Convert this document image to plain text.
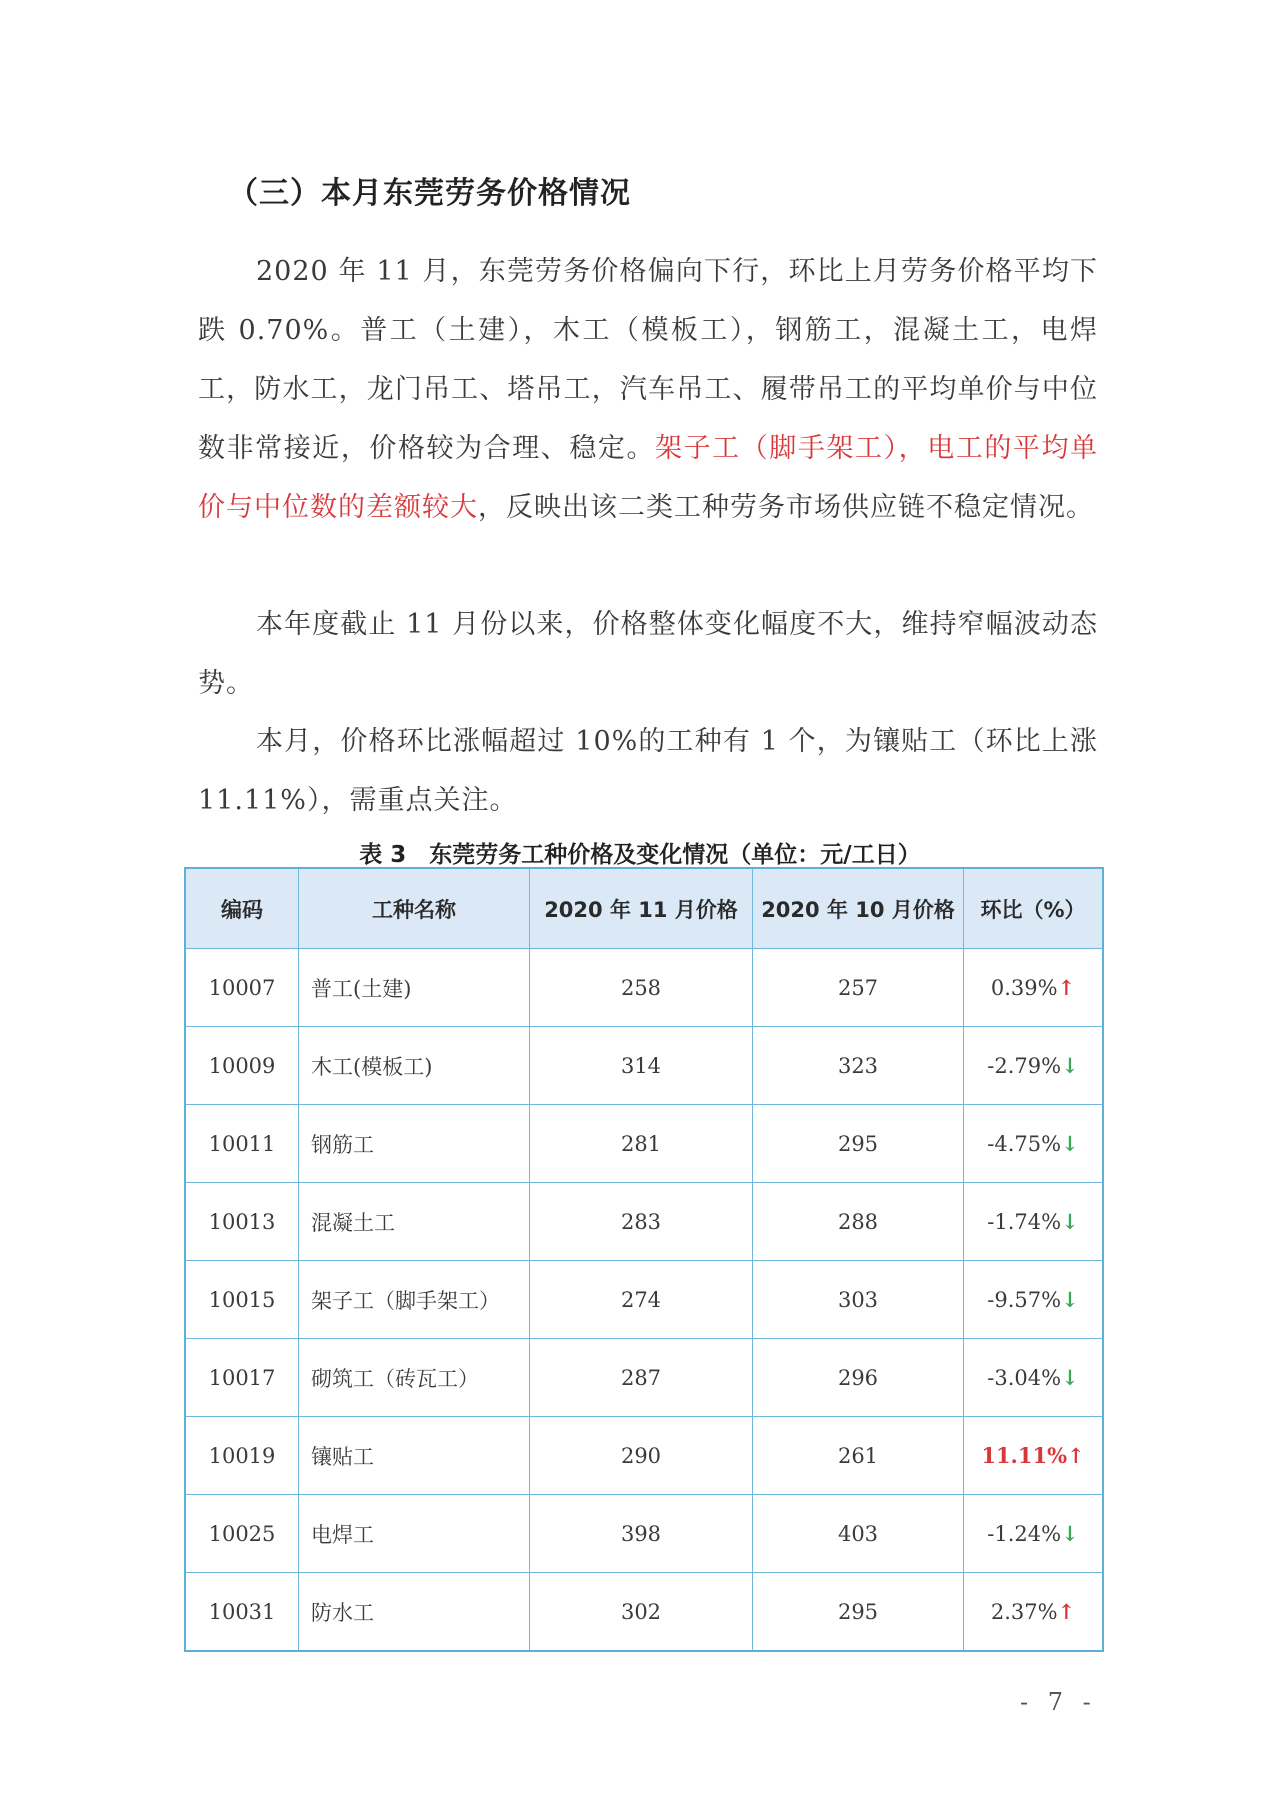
（三）本月东莞劳务价格情况
2020 年 11 月，东莞劳务价格偏向下行，环比上月劳务价格平均下跌 0.70%。普工（土建），木工（模板工），钢筋工，混凝土工，电焊工，防水工，龙门吊工、塔吊工，汽车吊工、履带吊工的平均单价与中位数非常接近，价格较为合理、稳定。架子工（脚手架工），电工的平均单价与中位数的差额较大，反映出该二类工种劳务市场供应链不稳定情况。
本年度截止 11 月份以来，价格整体变化幅度不大，维持窄幅波动态势。
本月，价格环比涨幅超过 10%的工种有 1 个，为镶贴工（环比上涨 11.11%），需重点关注。
表 3　东莞劳务工种价格及变化情况（单位：元/工日）
编码	工种名称	2020 年 11 月价格	2020 年 10 月价格	环比（%）
10007	普工(土建)	258	257	0.39%↑
10009	木工(模板工)	314	323	-2.79%↓
10011	钢筋工	281	295	-4.75%↓
10013	混凝土工	283	288	-1.74%↓
10015	架子工（脚手架工）	274	303	-9.57%↓
10017	砌筑工（砖瓦工）	287	296	-3.04%↓
10019	镶贴工	290	261	11.11%↑
10025	电焊工	398	403	-1.24%↓
10031	防水工	302	295	2.37%↑
- 7 -
